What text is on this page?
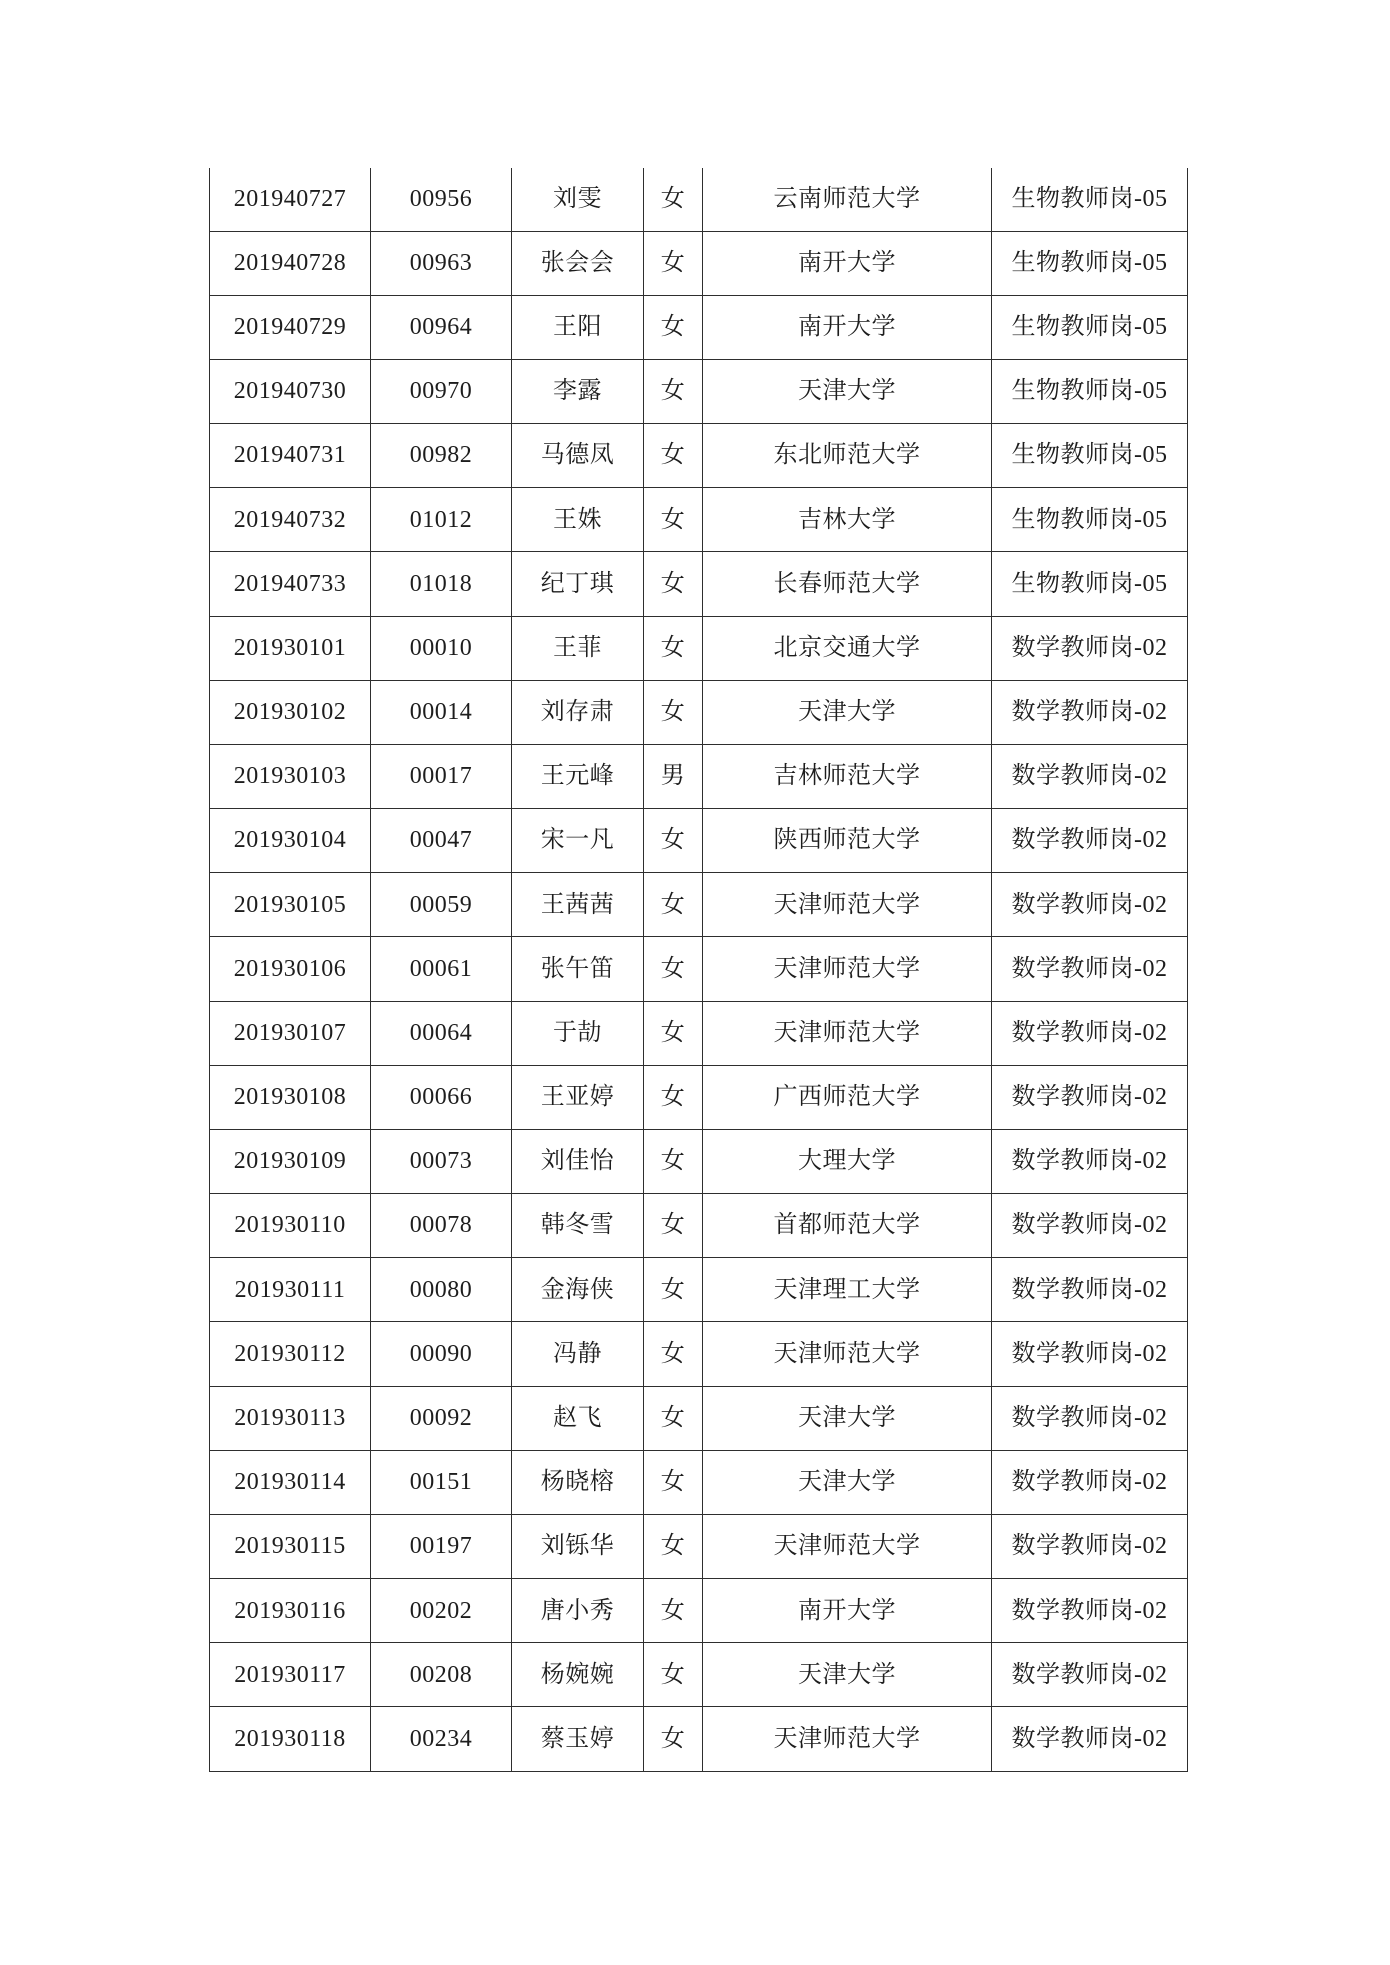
201940727	00956	刘雯	女	云南师范大学	生物教师岗-05
201940728	00963	张会会	女	南开大学	生物教师岗-05
201940729	00964	王阳	女	南开大学	生物教师岗-05
201940730	00970	李露	女	天津大学	生物教师岗-05
201940731	00982	马德凤	女	东北师范大学	生物教师岗-05
201940732	01012	王姝	女	吉林大学	生物教师岗-05
201940733	01018	纪丁琪	女	长春师范大学	生物教师岗-05
201930101	00010	王菲	女	北京交通大学	数学教师岗-02
201930102	00014	刘存肃	女	天津大学	数学教师岗-02
201930103	00017	王元峰	男	吉林师范大学	数学教师岗-02
201930104	00047	宋一凡	女	陕西师范大学	数学教师岗-02
201930105	00059	王茜茜	女	天津师范大学	数学教师岗-02
201930106	00061	张午笛	女	天津师范大学	数学教师岗-02
201930107	00064	于劼	女	天津师范大学	数学教师岗-02
201930108	00066	王亚婷	女	广西师范大学	数学教师岗-02
201930109	00073	刘佳怡	女	大理大学	数学教师岗-02
201930110	00078	韩冬雪	女	首都师范大学	数学教师岗-02
201930111	00080	金海侠	女	天津理工大学	数学教师岗-02
201930112	00090	冯静	女	天津师范大学	数学教师岗-02
201930113	00092	赵飞	女	天津大学	数学教师岗-02
201930114	00151	杨晓榕	女	天津大学	数学教师岗-02
201930115	00197	刘铄华	女	天津师范大学	数学教师岗-02
201930116	00202	唐小秀	女	南开大学	数学教师岗-02
201930117	00208	杨婉婉	女	天津大学	数学教师岗-02
201930118	00234	蔡玉婷	女	天津师范大学	数学教师岗-02
